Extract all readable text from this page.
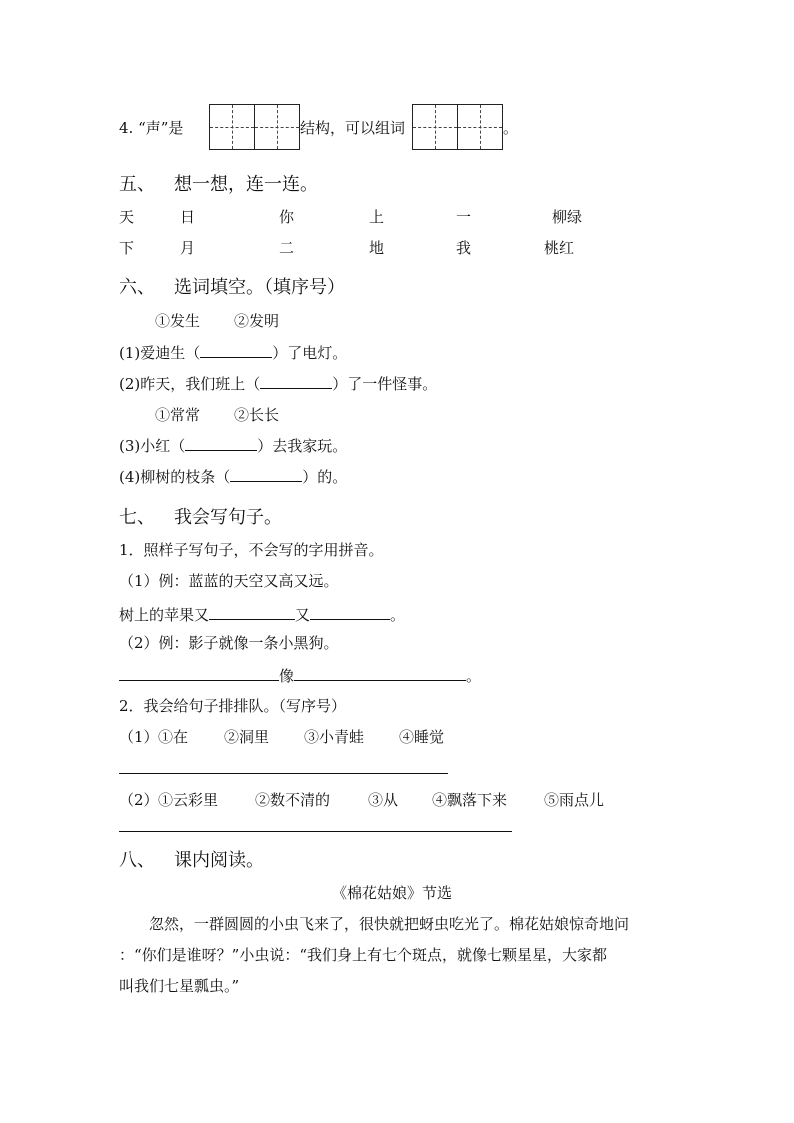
4. “声”是	结构，可以组词	。
五、 想一想，连一连。
天	日	你	上	一	柳绿
下	月	二	地	我	桃红
六、 选词填空。（填序号）
①发生 ②发明
(1)爱迪生（	）了电灯。
(2)昨天，我们班上（	）了一件怪事。
①常常 ②长长
(3)小红（	）去我家玩。
(4)柳树的枝条（	）的。
七、 我会写句子。
1．照样子写句子，不会写的字用拼音。
（1）例：蓝蓝的天空又高又远。
树上的苹果又	又	。
（2）例：影子就像一条小黑狗。
像	。
2．我会给句子排排队。（写序号）
（1） ①在 ②洞里 ③小青蛙 ④睡觉
（2） ①云彩里 ②数不清的	③从 ④飘落下来 ⑤雨点儿
八、 课内阅读。
《棉花姑娘》节选
忽然，一群圆圆的小虫飞来了，很快就把蚜虫吃光了。棉花姑娘惊奇地问
：“你们是谁呀？”小虫说：“我们身上有七个斑点，就像七颗星星，大家都
叫我们七星瓢虫。”
